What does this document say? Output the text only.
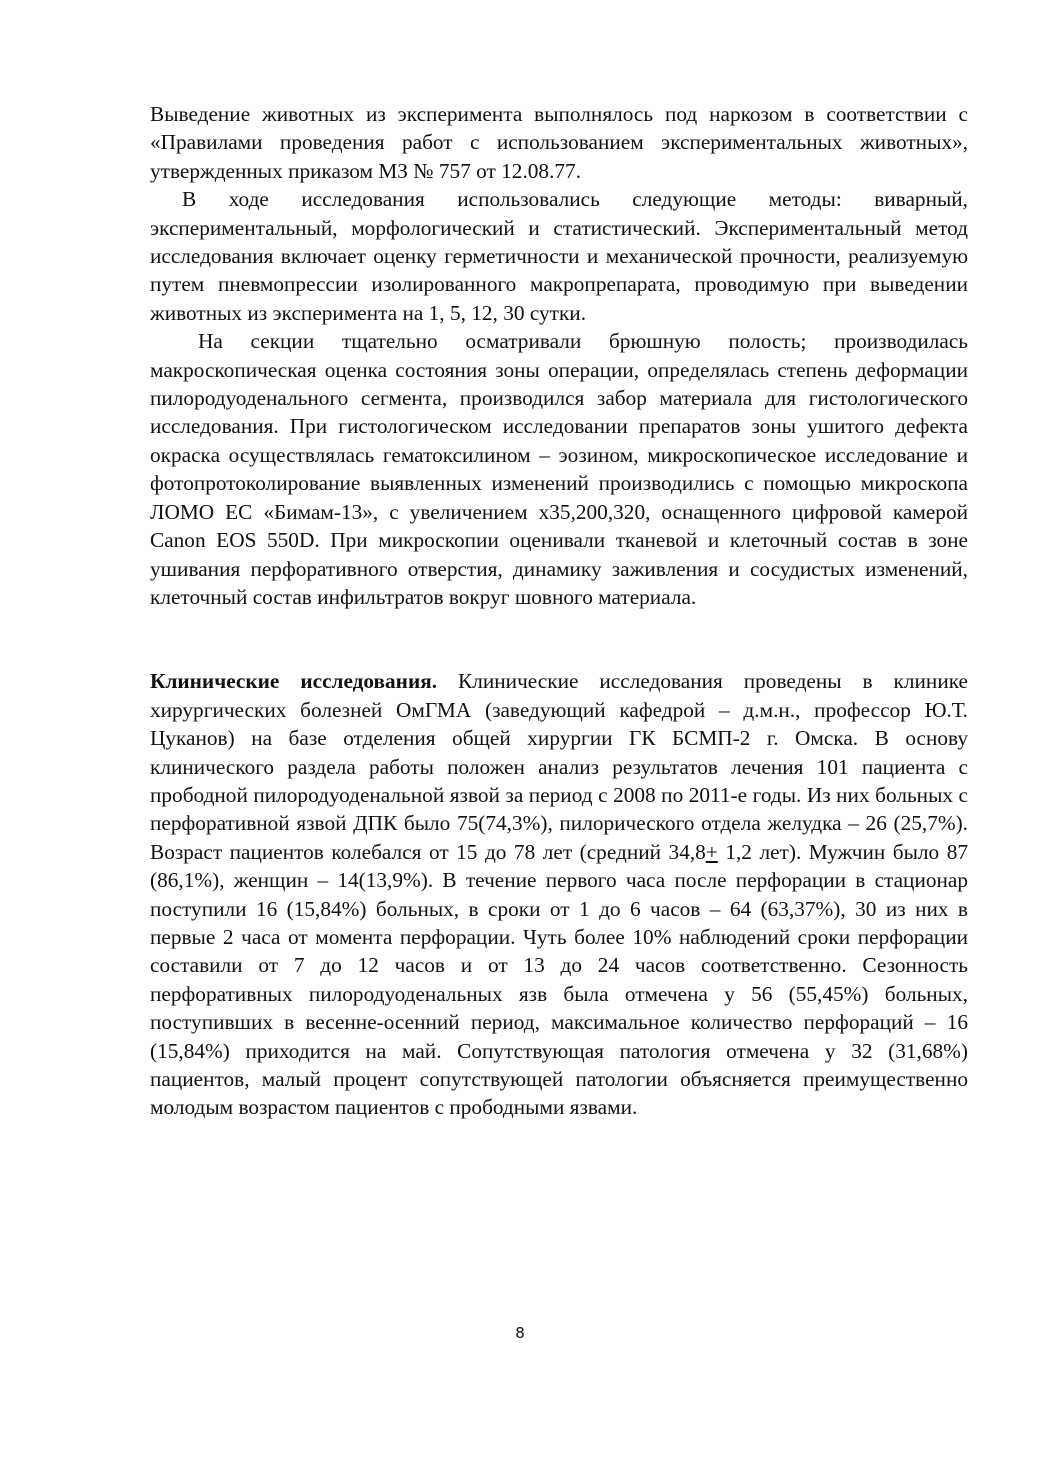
Выведение животных из эксперимента выполнялось под наркозом в соответствии с «Правилами проведения работ с использованием экспериментальных животных», утвержденных приказом МЗ № 757 от 12.08.77.

В ходе исследования использовались следующие методы: виварный, экспериментальный, морфологический и статистический. Экспериментальный метод исследования включает оценку герметичности и механической прочности, реализуемую путем пневмопрессии изолированного макропрепарата, проводимую при выведении животных из эксперимента на 1, 5, 12, 30 сутки.

На секции тщательно осматривали брюшную полость; производилась макроскопическая оценка состояния зоны операции, определялась степень деформации пилородуоденального сегмента, производился забор материала для гистологического исследования. При гистологическом исследовании препаратов зоны ушитого дефекта окраска осуществлялась гематоксилином – эозином, микроскопическое исследование и фотопротоколирование выявленных изменений производились с помощью микроскопа ЛОМО ЕС «Бимам-13», с увеличением х35,200,320, оснащенного цифровой камерой Canon EOS 550D. При микроскопии оценивали тканевой и клеточный состав в зоне ушивания перфоративного отверстия, динамику заживления и сосудистых изменений, клеточный состав инфильтратов вокруг шовного материала.

Клинические исследования. Клинические исследования проведены в клинике хирургических болезней ОмГМА (заведующий кафедрой – д.м.н., профессор Ю.Т. Цуканов) на базе отделения общей хирургии ГК БСМП-2 г. Омска. В основу клинического раздела работы положен анализ результатов лечения 101 пациента с прободной пилородуоденальной язвой за период с 2008 по 2011-е годы. Из них больных с перфоративной язвой ДПК было 75(74,3%), пилорического отдела желудка – 26 (25,7%). Возраст пациентов колебался от 15 до 78 лет (средний 34,8+ 1,2 лет). Мужчин было 87 (86,1%), женщин – 14(13,9%). В течение первого часа после перфорации в стационар поступили 16 (15,84%) больных, в сроки от 1 до 6 часов – 64 (63,37%), 30 из них в первые 2 часа от момента перфорации. Чуть более 10% наблюдений сроки перфорации составили от 7 до 12 часов и от 13 до 24 часов соответственно. Сезонность перфоративных пилородуоденальных язв была отмечена у 56 (55,45%) больных, поступивших в весенне-осенний период, максимальное количество перфораций – 16 (15,84%) приходится на май. Сопутствующая патология отмечена у 32 (31,68%) пациентов, малый процент сопутствующей патологии объясняется преимущественно молодым возрастом пациентов с прободными язвами.

8
